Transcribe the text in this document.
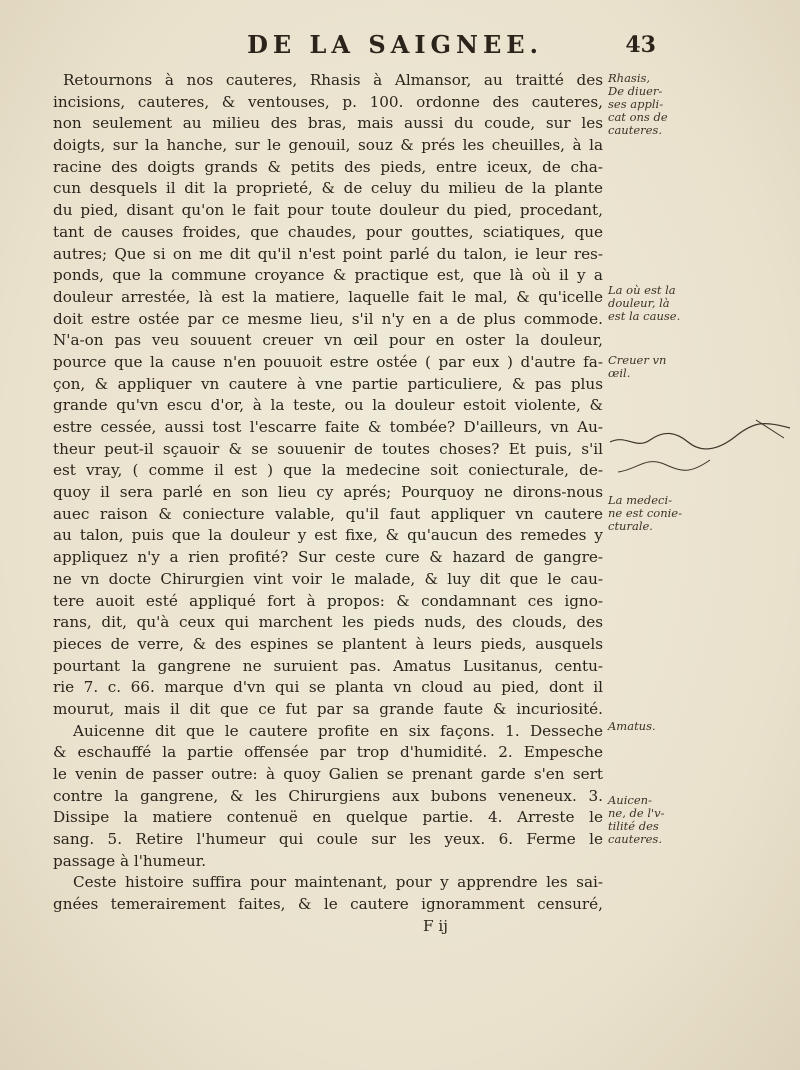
DE LA SAIGNEE.	43
Retournons à nos cauteres, Rhasis à Almansor, au traitté des
incisions, cauteres, & ventouses, p. 100. ordonne des cauteres,
non seulement au milieu des bras, mais aussi du coude, sur les
doigts, sur la hanche, sur le genouil, souz & prés les cheuilles, à la
racine des doigts grands & petits des pieds, entre iceux, de cha-
cun desquels il dit la proprieté, & de celuy du milieu de la plante
du pied, disant qu'on le fait pour toute douleur du pied, procedant,
tant de causes froides, que chaudes, pour gouttes, sciatiques, que
autres; Que si on me dit qu'il n'est point parlé du talon, ie leur res-
ponds, que la commune croyance & practique est, que là où il y a
douleur arrestée, là est la matiere, laquelle fait le mal, & qu'icelle
doit estre ostée par ce mesme lieu, s'il n'y en a de plus commode.
N'a-on pas veu souuent creuer vn œil pour en oster la douleur,
pource que la cause n'en pouuoit estre ostée ( par eux ) d'autre fa-
çon, & appliquer vn cautere à vne partie particuliere, & pas plus
grande qu'vn escu d'or, à la teste, ou la douleur estoit violente, &
estre cessée, aussi tost l'escarre faite & tombée? D'ailleurs, vn Au-
theur peut-il sçauoir & se souuenir de toutes choses? Et puis, s'il
est vray, ( comme il est ) que la medecine soit coniecturale, de-
quoy il sera parlé en son lieu cy aprés; Pourquoy ne dirons-nous
auec raison & coniecture valable, qu'il faut appliquer vn cautere
au talon, puis que la douleur y est fixe, & qu'aucun des remedes y
appliquez n'y a rien profité? Sur ceste cure & hazard de gangre-
ne vn docte Chirurgien vint voir le malade, & luy dit que le cau-
tere auoit esté appliqué fort à propos: & condamnant ces igno-
rans, dit, qu'à ceux qui marchent les pieds nuds, des clouds, des
pieces de verre, & des espines se plantent à leurs pieds, ausquels
pourtant la gangrene ne suruient pas. Amatus Lusitanus, centu-
rie 7. c. 66. marque d'vn qui se planta vn cloud au pied, dont il
mourut, mais il dit que ce fut par sa grande faute & incuriosité.
Auicenne dit que le cautere profite en six façons. 1. Desseche
& eschauffé la partie offensée par trop d'humidité. 2. Empesche
le venin de passer outre: à quoy Galien se prenant garde s'en sert
contre la gangrene, & les Chirurgiens aux bubons veneneux. 3.
Dissipe la matiere contenuë en quelque partie. 4. Arreste le
sang. 5. Retire l'humeur qui coule sur les yeux. 6. Ferme le
passage à l'humeur.
Ceste histoire suffira pour maintenant, pour y apprendre les sai-
gnées temerairement faites, & le cautere ignoramment censuré,
F ij
Rhasis,
De diuer-
ses appli-
cat ons de
cauteres.
La où est la
douleur, là
est la cause.
Creuer vn
œil.
La medeci-
ne est conie-
cturale.
Amatus.
Auicen-
ne, de l'v-
tilité des
cauteres.
